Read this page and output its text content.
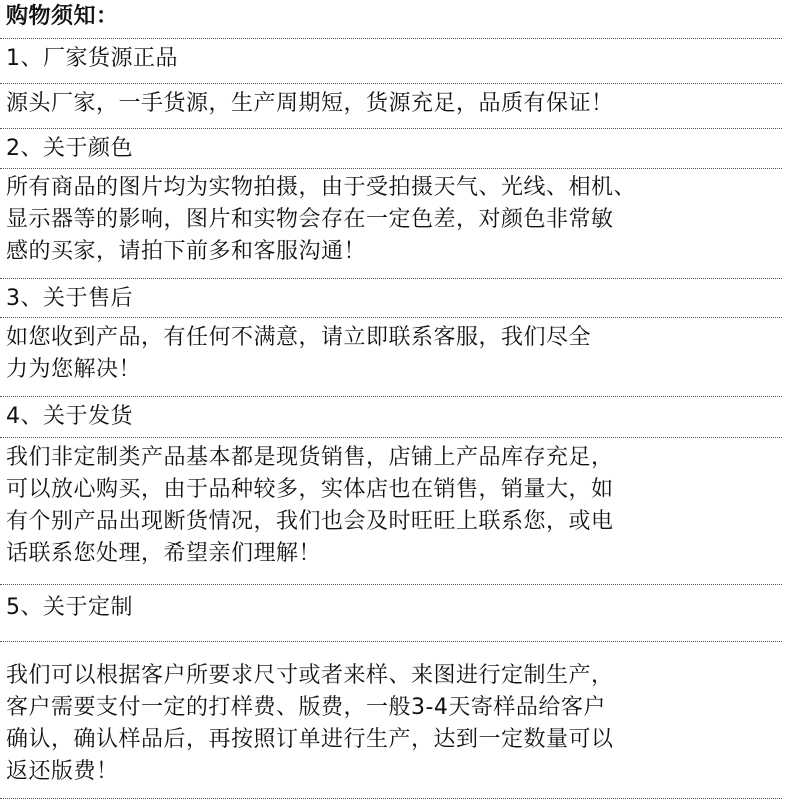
购物须知：
1、厂家货源正品
源头厂家，一手货源，生产周期短，货源充足，品质有保证！
2、关于颜色
所有商品的图片均为实物拍摄，由于受拍摄天气、光线、相机、
显示器等的影响，图片和实物会存在一定色差，对颜色非常敏
感的买家，请拍下前多和客服沟通！
3、关于售后
如您收到产品，有任何不满意，请立即联系客服，我们尽全
力为您解决！
4、关于发货
我们非定制类产品基本都是现货销售，店铺上产品库存充足，
可以放心购买，由于品种较多，实体店也在销售，销量大，如
有个别产品出现断货情况，我们也会及时旺旺上联系您，或电
话联系您处理，希望亲们理解！
5、关于定制
我们可以根据客户所要求尺寸或者来样、来图进行定制生产，
客户需要支付一定的打样费、版费，一般3-4天寄样品给客户
确认，确认样品后，再按照订单进行生产，达到一定数量可以
返还版费！
